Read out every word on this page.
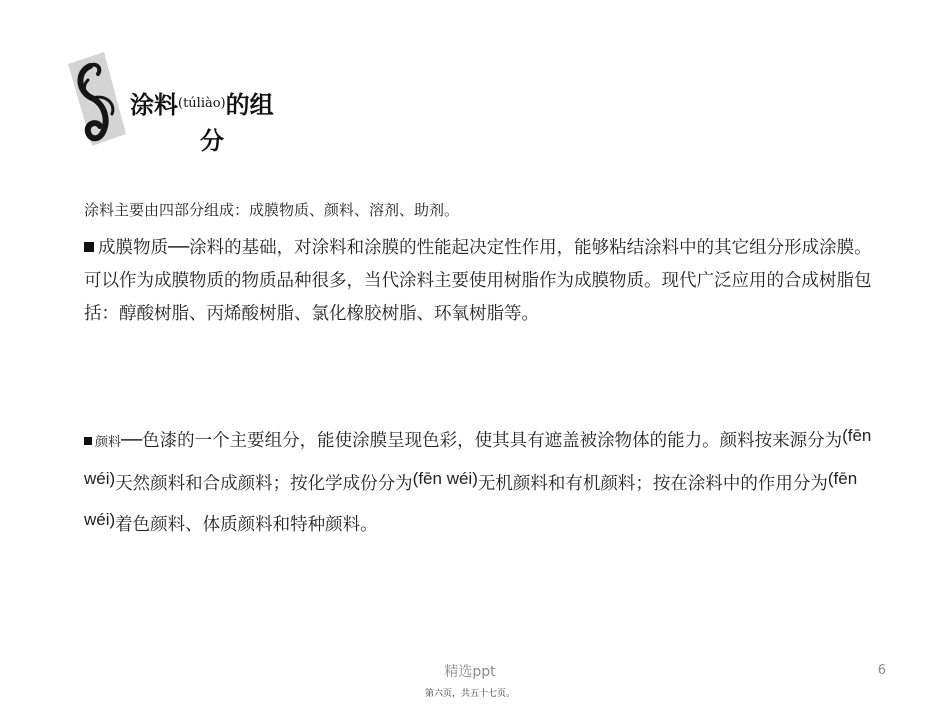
涂料$^{(túliào)}$的组
分
涂料主要由四部分组成：成膜物质、颜料、溶剂、助剂。
成膜物质──涂料的基础，对涂料和涂膜的性能起决定性作用，能够粘结涂料中的其它组分形成涂膜。可以作为成膜物质的物质品种很多，当代涂料主要使用树脂作为成膜物质。现代广泛应用的合成树脂包括：醇酸树脂、丙烯酸树脂、氯化橡胶树脂、环氧树脂等。
颜料──色漆的一个主要组分，能使涂膜呈现色彩，使其具有遮盖被涂物体的能力。颜料按来源分为(fēn wéi)天然颜料和合成颜料；按化学成份分为(fēn wéi)无机颜料和有机颜料；按在涂料中的作用分为(fēn wéi)着色颜料、体质颜料和特种颜料。
精选ppt
第六页，共五十七页。
6
